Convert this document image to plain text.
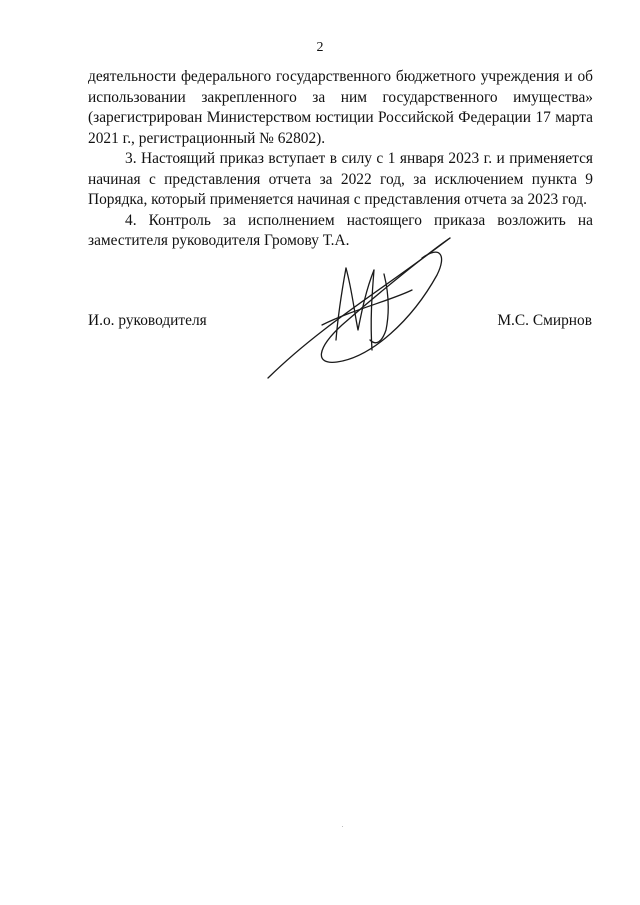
2

деятельности федерального государственного бюджетного учреждения и об использовании закрепленного за ним государственного имущества» (зарегистрирован Министерством юстиции Российской Федерации 17 марта 2021 г., регистрационный № 62802).

3. Настоящий приказ вступает в силу с 1 января 2023 г. и применяется начиная с представления отчета за 2022 год, за исключением пункта 9 Порядка, который применяется начиная с представления отчета за 2023 год.

4. Контроль за исполнением настоящего приказа возложить на заместителя руководителя Громову Т.А.

И.о. руководителя	М.С. Смирнов
